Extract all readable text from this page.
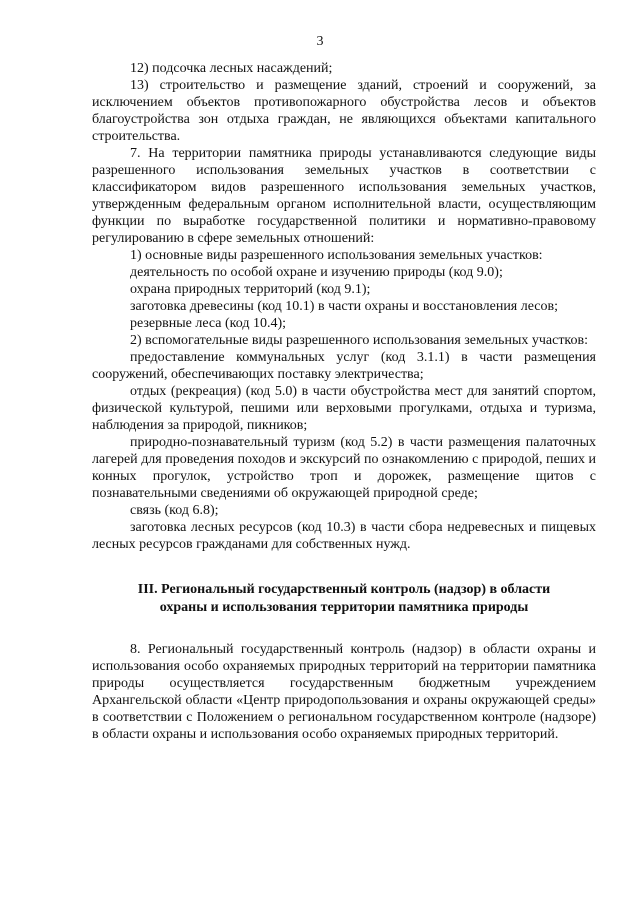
3

12) подсочка лесных насаждений;

13) строительство и размещение зданий, строений и сооружений, за исключением объектов противопожарного обустройства лесов и объектов благоустройства зон отдыха граждан, не являющихся объектами капитального строительства.

7. На территории памятника природы устанавливаются следующие виды разрешенного использования земельных участков в соответствии с классификатором видов разрешенного использования земельных участков, утвержденным федеральным органом исполнительной власти, осуществляющим функции по выработке государственной политики и нормативно-правовому регулированию в сфере земельных отношений:

1) основные виды разрешенного использования земельных участков:

деятельность по особой охране и изучению природы (код 9.0);

охрана природных территорий (код 9.1);

заготовка древесины (код 10.1) в части охраны и восстановления лесов;

резервные леса (код 10.4);

2) вспомогательные виды разрешенного использования земельных участков:

предоставление коммунальных услуг (код 3.1.1) в части размещения сооружений, обеспечивающих поставку электричества;

отдых (рекреация) (код 5.0) в части обустройства мест для занятий спортом, физической культурой, пешими или верховыми прогулками, отдыха и туризма, наблюдения за природой, пикников;

природно-познавательный туризм (код 5.2) в части размещения палаточных лагерей для проведения походов и экскурсий по ознакомлению с природой, пеших и конных прогулок, устройство троп и дорожек, размещение щитов с познавательными сведениями об окружающей природной среде;

связь (код 6.8);

заготовка лесных ресурсов (код 10.3) в части сбора недревесных и пищевых лесных ресурсов гражданами для собственных нужд.

III. Региональный государственный контроль (надзор) в области
охраны и использования территории памятника природы

8. Региональный государственный контроль (надзор) в области охраны и использования особо охраняемых природных территорий на территории памятника природы осуществляется государственным бюджетным учреждением Архангельской области «Центр природопользования и охраны окружающей среды» в соответствии с Положением о региональном государственном контроле (надзоре) в области охраны и использования особо охраняемых природных территорий.
